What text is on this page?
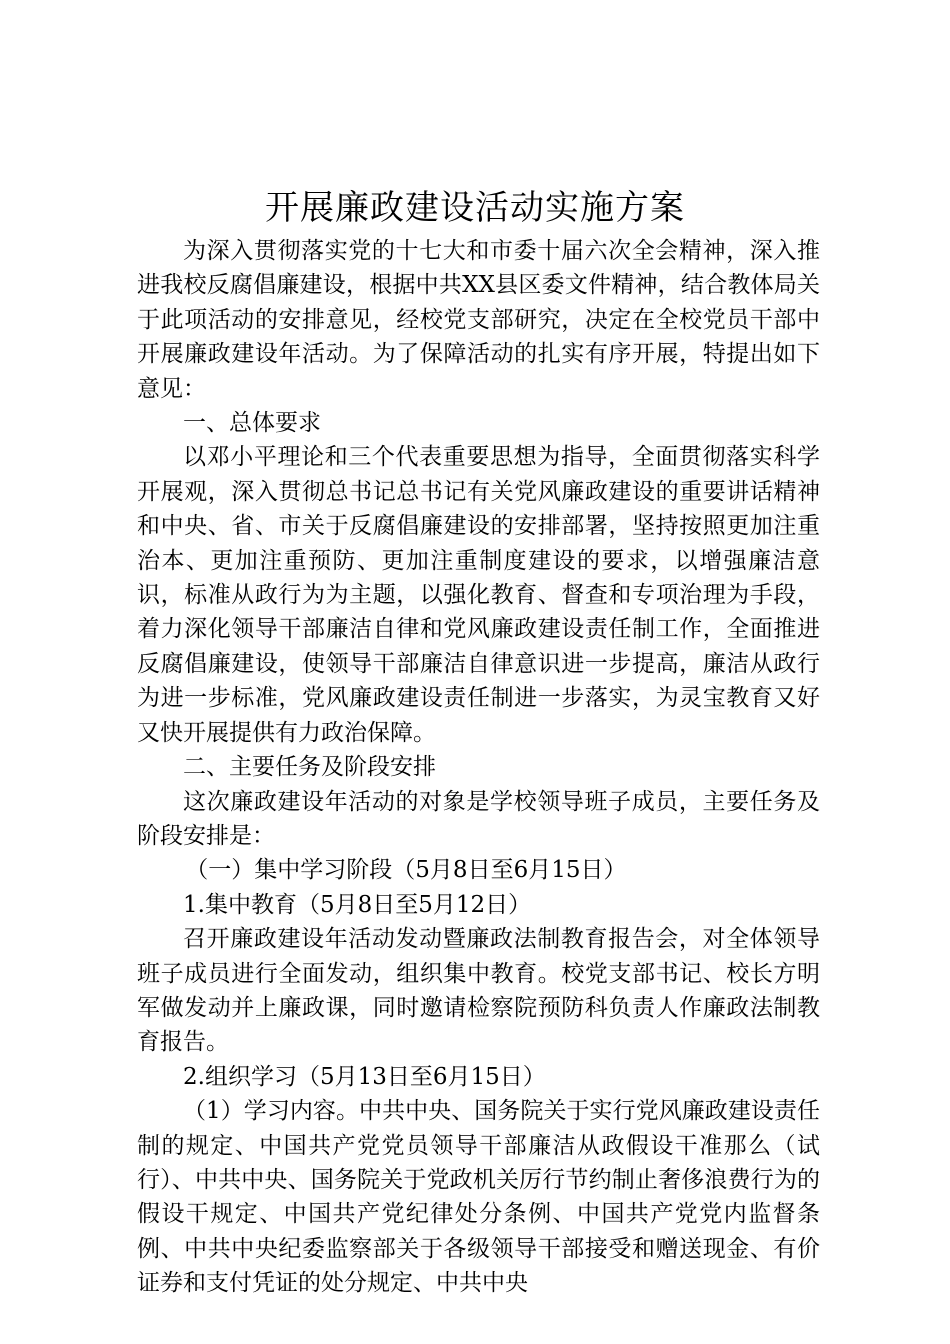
开展廉政建设活动实施方案

为深入贯彻落实党的十七大和市委十届六次全会精神，深入推进我校反腐倡廉建设，根据中共XX县区委文件精神，结合教体局关于此项活动的安排意见，经校党支部研究，决定在全校党员干部中开展廉政建设年活动。为了保障活动的扎实有序开展，特提出如下意见：

一、总体要求

以邓小平理论和三个代表重要思想为指导，全面贯彻落实科学开展观，深入贯彻总书记总书记有关党风廉政建设的重要讲话精神和中央、省、市关于反腐倡廉建设的安排部署，坚持按照更加注重治本、更加注重预防、更加注重制度建设的要求，以增强廉洁意识，标准从政行为为主题，以强化教育、督查和专项治理为手段，着力深化领导干部廉洁自律和党风廉政建设责任制工作，全面推进反腐倡廉建设，使领导干部廉洁自律意识进一步提高，廉洁从政行为进一步标准，党风廉政建设责任制进一步落实，为灵宝教育又好又快开展提供有力政治保障。

二、主要任务及阶段安排

这次廉政建设年活动的对象是学校领导班子成员，主要任务及阶段安排是：

（一）集中学习阶段（5月8日至6月15日）

1.集中教育（5月8日至5月12日）

召开廉政建设年活动发动暨廉政法制教育报告会，对全体领导班子成员进行全面发动，组织集中教育。校党支部书记、校长方明军做发动并上廉政课，同时邀请检察院预防科负责人作廉政法制教育报告。

2.组织学习（5月13日至6月15日）

（1）学习内容。中共中央、国务院关于实行党风廉政建设责任制的规定、中国共产党党员领导干部廉洁从政假设干准那么（试行）、中共中央、国务院关于党政机关厉行节约制止奢侈浪费行为的假设干规定、中国共产党纪律处分条例、中国共产党党内监督条例、中共中央纪委监察部关于各级领导干部接受和赠送现金、有价证券和支付凭证的处分规定、中共中央
